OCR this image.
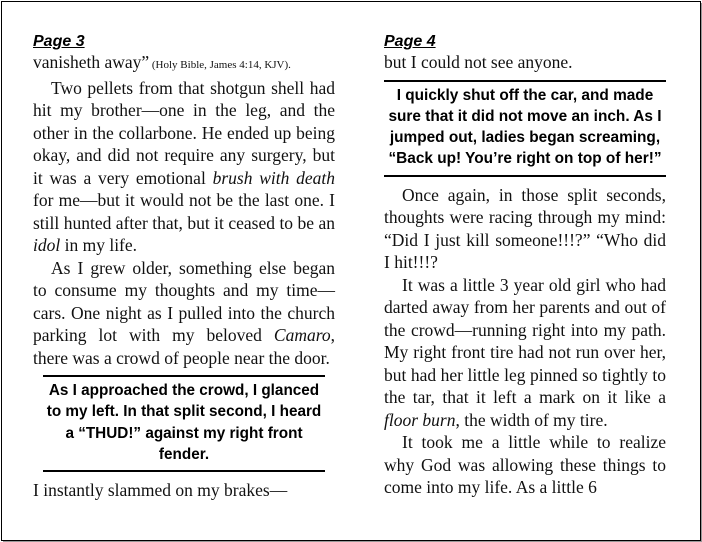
Page 3

vanisheth away” (Holy Bible, James 4:14, KJV).

Two pellets from that shotgun shell had hit my brother—one in the leg, and the other in the collarbone. He ended up being okay, and did not require any surgery, but it was a very emotional brush with death for me—but it would not be the last one. I still hunted after that, but it ceased to be an idol in my life.

As I grew older, something else began to consume my thoughts and my time—cars. One night as I pulled into the church parking lot with my beloved Camaro, there was a crowd of people near the door.

As I approached the crowd, I glanced to my left. In that split second, I heard a “THUD!” against my right front fender.

I instantly slammed on my brakes—

Page 4

but I could not see anyone.

I quickly shut off the car, and made sure that it did not move an inch. As I jumped out, ladies began screaming, “Back up! You’re right on top of her!”

Once again, in those split seconds, thoughts were racing through my mind: “Did I just kill someone!!!?” “Who did I hit!!!?

It was a little 3 year old girl who had darted away from her parents and out of the crowd—running right into my path. My right front tire had not run over her, but had her little leg pinned so tightly to the tar, that it left a mark on it like a floor burn, the width of my tire.

It took me a little while to realize why God was allowing these things to come into my life. As a little 6
